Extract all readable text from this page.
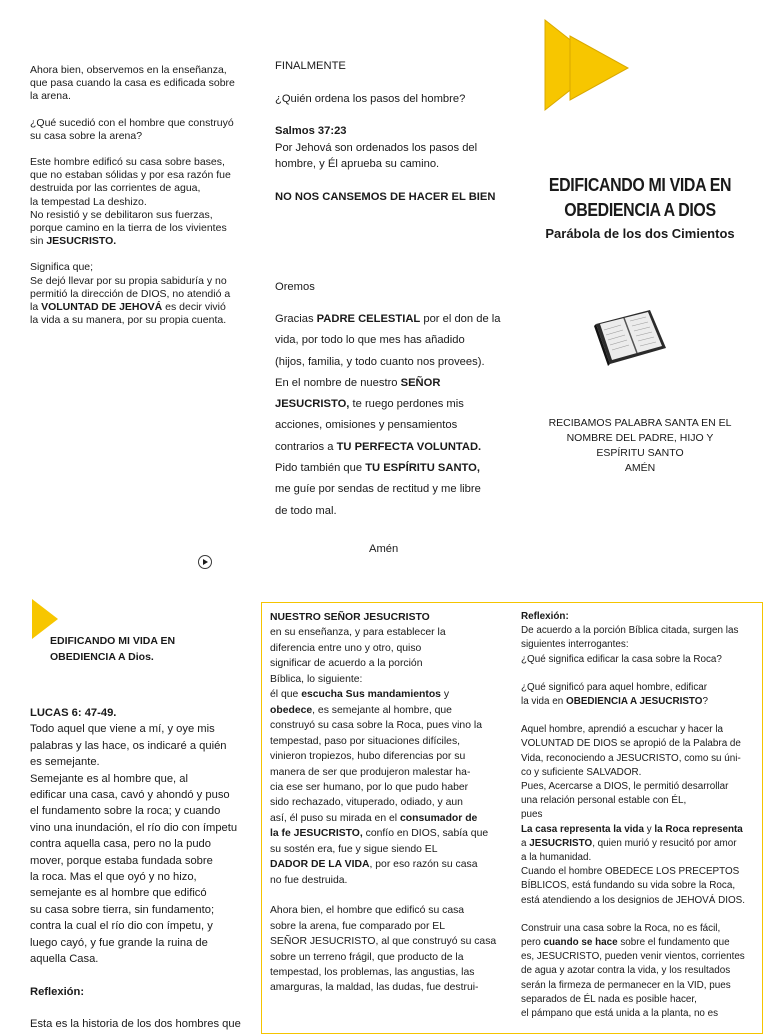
Ahora bien, observemos en la enseñanza,
que pasa cuando la casa es edificada sobre
la arena.

¿Qué sucedió con el hombre que construyó
su casa sobre la arena?

Este hombre edificó su casa sobre bases,
que no estaban sólidas y por esa razón fue
destruida por las corrientes de agua,
la tempestad La deshizo.
No resistió y se debilitaron sus fuerzas,
porque camino en la tierra de los vivientes
sin JESUCRISTO.

Significa que;
Se dejó llevar por su propia sabiduría y no
permitió la dirección de DIOS, no atendió a
la VOLUNTAD DE JEHOVÁ es decir vivió
la vida a su manera, por su propia cuenta.

FINALMENTE

¿Quién ordena los pasos del hombre?

Salmos 37:23

Por Jehová son ordenados los pasos del
hombre, y Él aprueba su camino.

NO NOS CANSEMOS DE HACER EL BIEN

Oremos
Gracias PADRE CELESTIAL por el don de la
vida, por todo lo que mes has añadido
(hijos, familia, y todo cuanto nos provees).
En el nombre de nuestro SEÑOR
JESUCRISTO, te ruego perdones mis
acciones, omisiones y pensamientos
contrarios a TU PERFECTA VOLUNTAD.
Pido también que TU ESPÍRITU SANTO,
me guíe por sendas de rectitud y me libre
de todo mal.
Amén
EDIFICANDO MI VIDA EN
OBEDIENCIA A DIOS
Parábola de los dos Cimientos
RECIBAMOS PALABRA SANTA EN EL
NOMBRE DEL PADRE, HIJO Y
ESPÍRITU SANTO
AMÉN
EDIFICANDO MI VIDA EN
OBEDIENCIA A Dios.

LUCAS 6: 47-49.

Todo aquel que viene a mí, y oye mis
palabras y las hace, os indicaré a quién
es semejante.
Semejante es al hombre que, al
edificar una casa, cavó y ahondó y puso
el fundamento sobre la roca; y cuando
vino una inundación, el río dio con ímpetu
contra aquella casa, pero no la pudo
mover, porque estaba fundada sobre
la roca. Mas el que oyó y no hizo,
semejante es al hombre que edificó
su casa sobre tierra, sin fundamento;
contra la cual el río dio con ímpetu, y
luego cayó, y fue grande la ruina de
aquella Casa.

Reflexión:

Esta es la historia de los dos hombres que

NUESTRO SEÑOR JESUCRISTO

en su enseñanza, y para establecer la
diferencia entre uno y otro, quiso
significar de acuerdo a la porción
Bíblica, lo siguiente:
él que escucha Sus mandamientos y
obedece, es semejante al hombre, que
construyó su casa sobre la Roca, pues vino la
tempestad, paso por situaciones difíciles,
vinieron tropiezos, hubo diferencias por su
manera de ser que produjeron malestar ha-
cia ese ser humano, por lo que pudo haber
sido rechazado, vituperado, odiado, y aun
así, él puso su mirada en el consumador de
la fe JESUCRISTO, confío en DIOS, sabía que
su sostén era, fue y sigue siendo EL
DADOR DE LA VIDA, por eso razón su casa
no fue destruida.

Ahora bien, el hombre que edificó su casa
sobre la arena, fue comparado por EL
SEÑOR JESUCRISTO, al que construyó su casa
sobre un terreno frágil, que producto de la
tempestad, los problemas, las angustias, las
amarguras, la maldad, las dudas, fue destrui-

Reflexión:

De acuerdo a la porción Bíblica citada, surgen las
siguientes interrogantes:
¿Qué significa edificar la casa sobre la Roca?

¿Qué significó para aquel hombre, edificar
la vida en OBEDIENCIA A JESUCRISTO?

Aquel hombre, aprendió a escuchar y hacer la
VOLUNTAD DE DIOS se apropió de la Palabra de
Vida, reconociendo a JESUCRISTO, como su úni-
co y suficiente SALVADOR.
Pues, Acercarse a DIOS, le permitió desarrollar
una relación personal estable con ÉL,
pues
La casa representa la vida y la Roca representa
a JESUCRISTO, quien murió y resucitó por amor
a la humanidad.
Cuando el hombre OBEDECE LOS PRECEPTOS
BÍBLICOS, está fundando su vida sobre la Roca,
está atendiendo a los designios de JEHOVÁ DIOS.

Construir una casa sobre la Roca, no es fácil,
pero cuando se hace sobre el fundamento que
es, JESUCRISTO, pueden venir vientos, corrientes
de agua y azotar contra la vida, y los resultados
serán la firmeza de permanecer en la VID, pues
separados de ÉL nada es posible hacer,
el pámpano que está unida a la planta, no es
